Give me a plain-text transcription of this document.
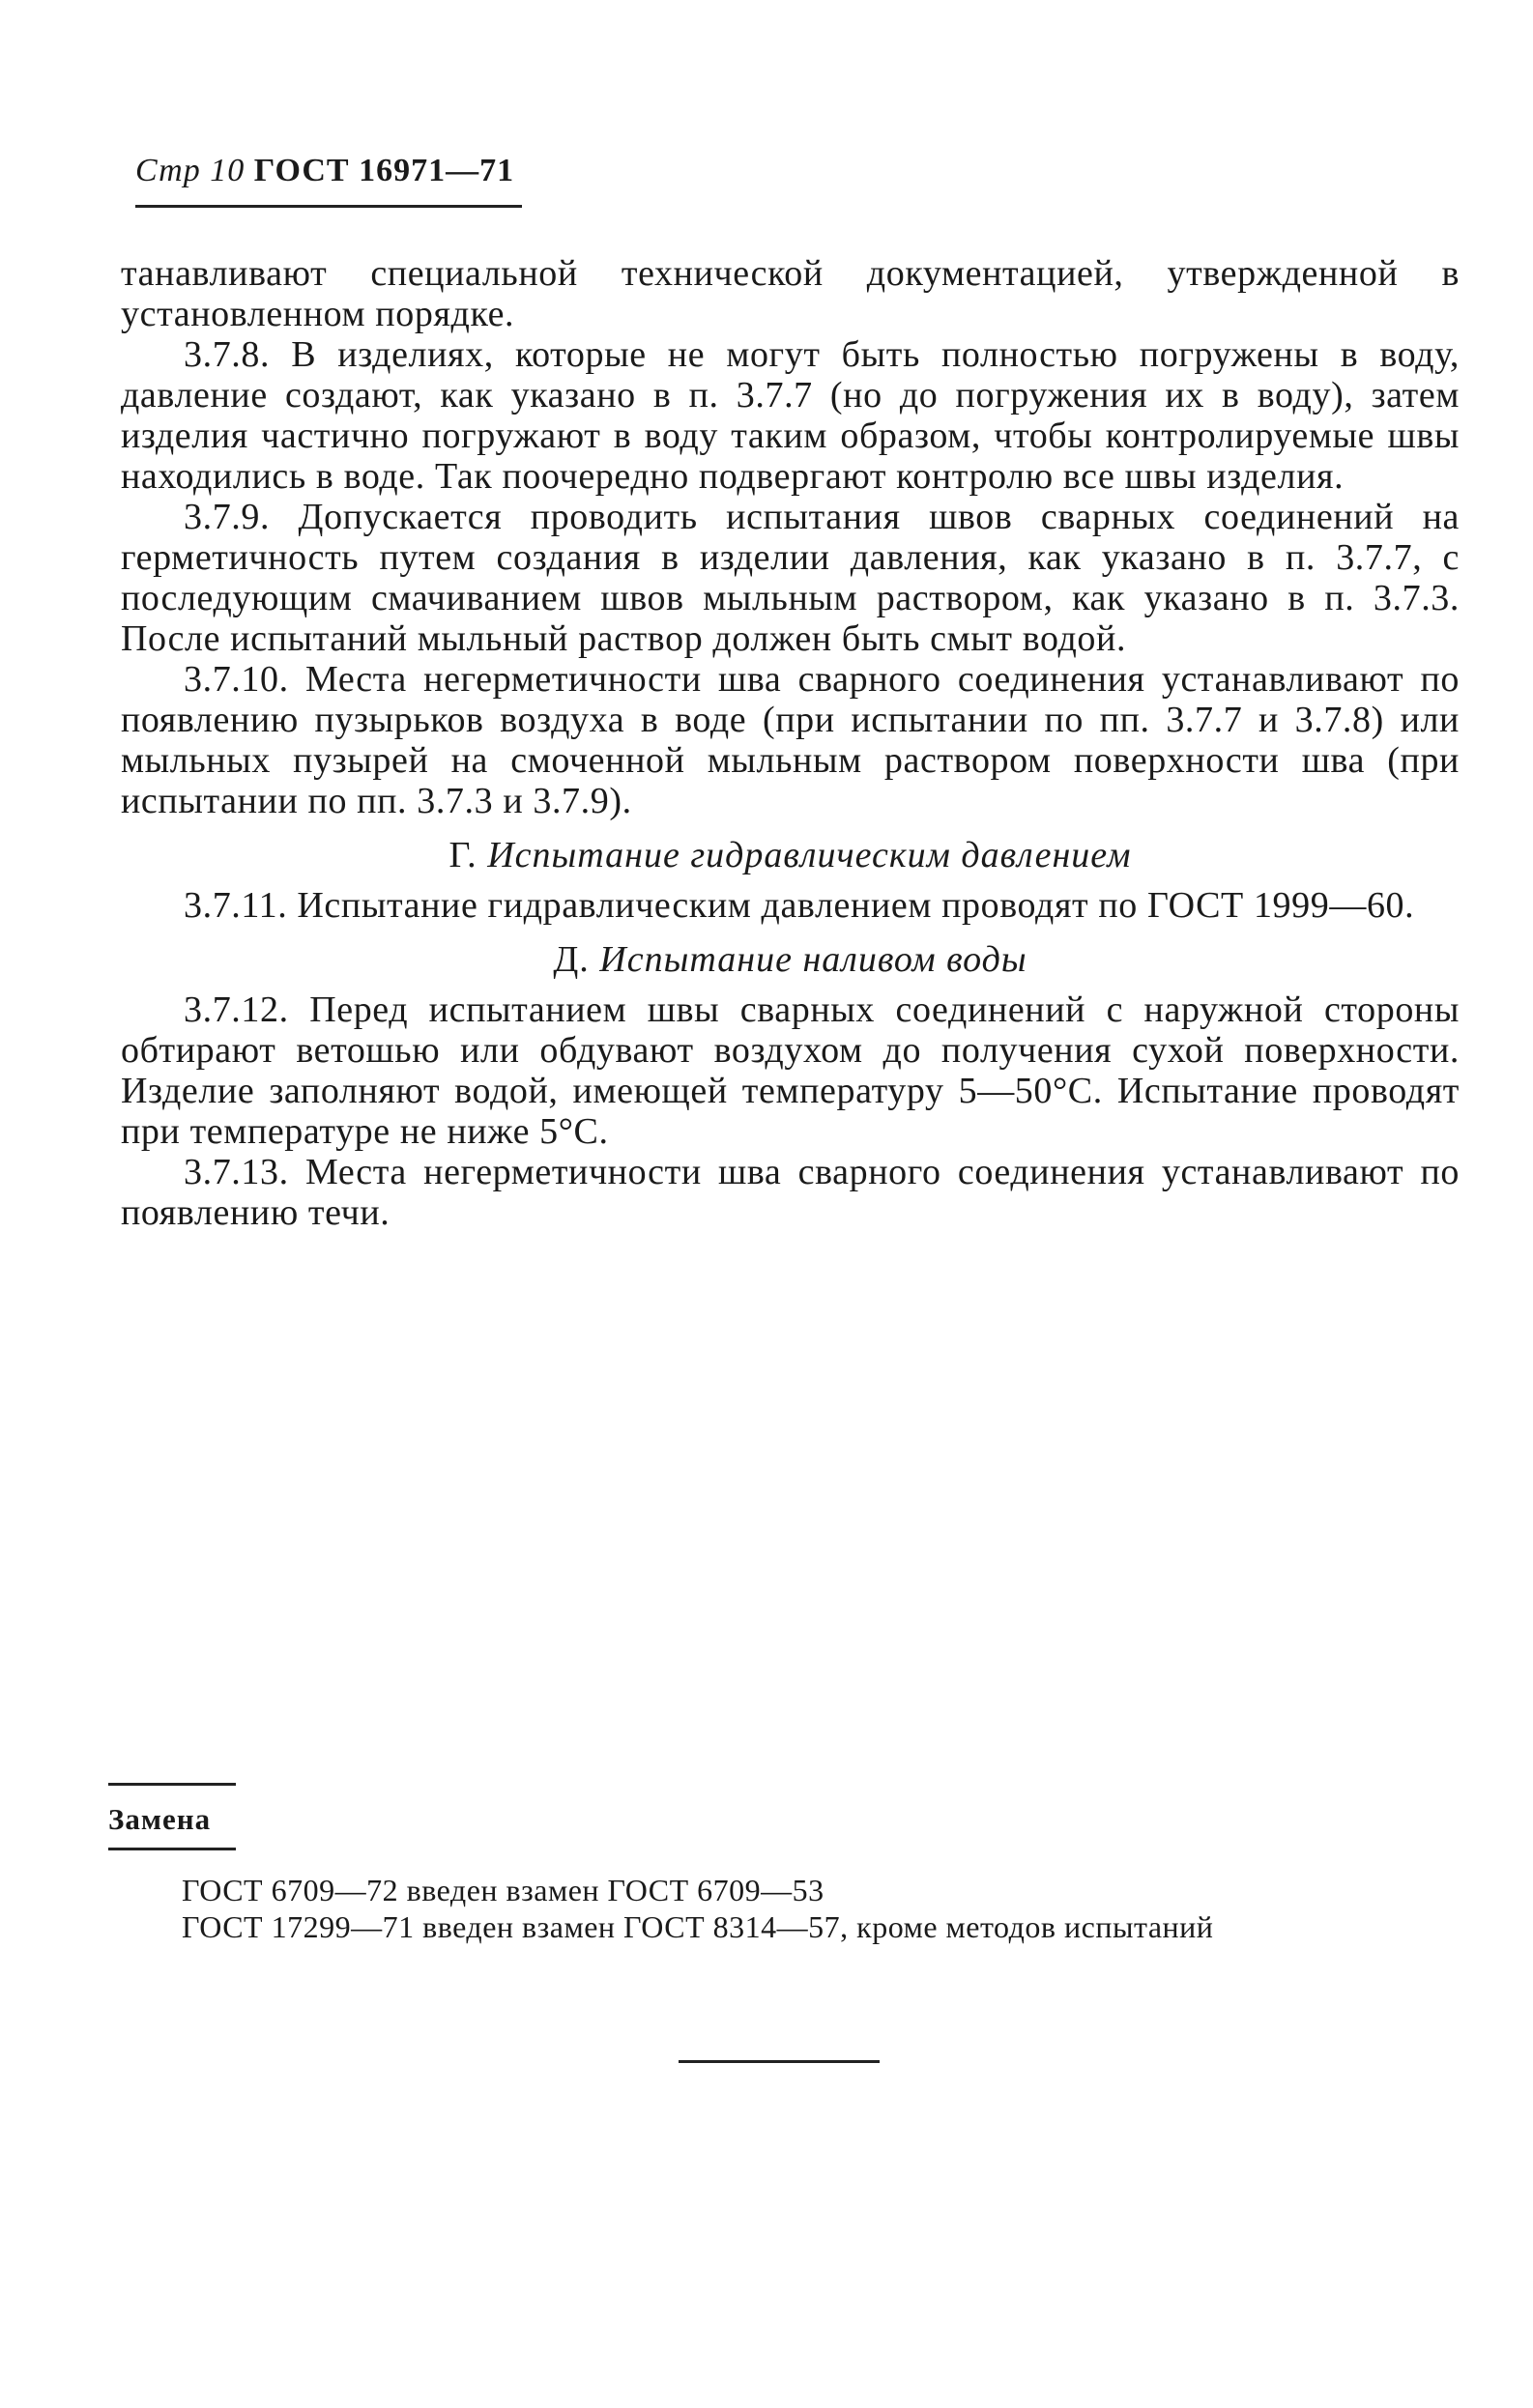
Стр 10 ГОСТ 16971—71

танавливают специальной технической документацией, утвержденной в установленном порядке.

3.7.8. В изделиях, которые не могут быть полностью погружены в воду, давление создают, как указано в п. 3.7.7 (но до погружения их в воду), затем изделия частично погружают в воду таким образом, чтобы контролируемые швы находились в воде. Так поочередно подвергают контролю все швы изделия.

3.7.9. Допускается проводить испытания швов сварных соединений на герметичность путем создания в изделии давления, как указано в п. 3.7.7, с последующим смачиванием швов мыльным раствором, как указано в п. 3.7.3. После испытаний мыльный раствор должен быть смыт водой.

3.7.10. Места негерметичности шва сварного соединения устанавливают по появлению пузырьков воздуха в воде (при испытании по пп. 3.7.7 и 3.7.8) или мыльных пузырей на смоченной мыльным раствором поверхности шва (при испытании по пп. 3.7.3 и 3.7.9).

Г. Испытание гидравлическим давлением

3.7.11. Испытание гидравлическим давлением проводят по ГОСТ 1999—60.

Д. Испытание наливом воды

3.7.12. Перед испытанием швы сварных соединений с наружной стороны обтирают ветошью или обдувают воздухом до получения сухой поверхности. Изделие заполняют водой, имеющей температуру 5—50°С. Испытание проводят при температуре не ниже 5°С.

3.7.13. Места негерметичности шва сварного соединения устанавливают по появлению течи.

Замена
ГОСТ 6709—72 введен взамен ГОСТ 6709—53
ГОСТ 17299—71 введен взамен ГОСТ 8314—57, кроме методов испытаний
